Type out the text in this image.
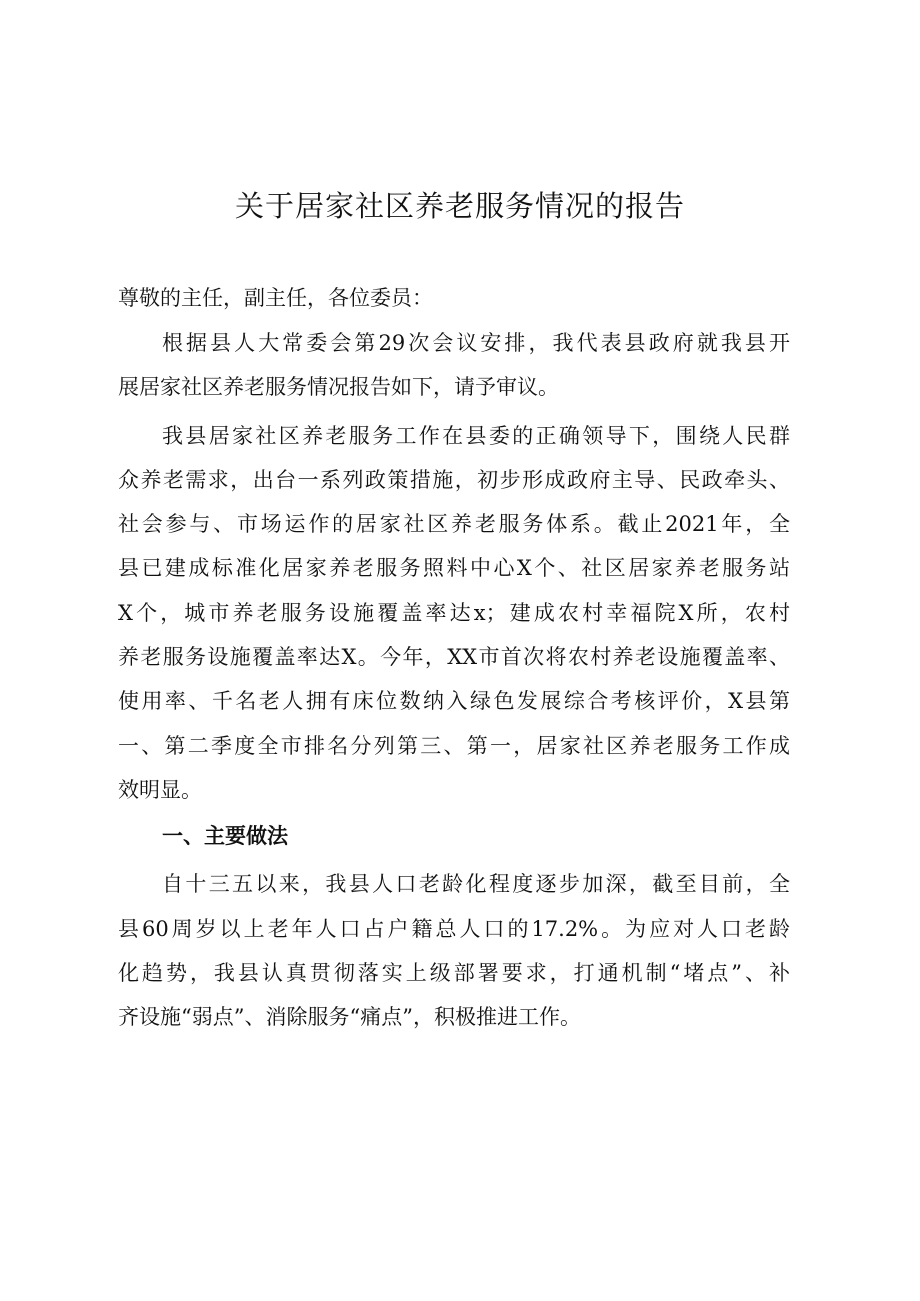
关于居家社区养老服务情况的报告
尊敬的主任，副主任，各位委员：
根据县人大常委会第29次会议安排，我代表县政府就我县开
展居家社区养老服务情况报告如下，请予审议。
我县居家社区养老服务工作在县委的正确领导下，围绕人民群
众养老需求，出台一系列政策措施，初步形成政府主导、民政牵头、
社会参与、市场运作的居家社区养老服务体系。截止2021年，全
县已建成标准化居家养老服务照料中心X个、社区居家养老服务站
X个，城市养老服务设施覆盖率达x；建成农村幸福院X所，农村
养老服务设施覆盖率达X。今年，XX市首次将农村养老设施覆盖率、
使用率、千名老人拥有床位数纳入绿色发展综合考核评价，X县第
一、第二季度全市排名分列第三、第一，居家社区养老服务工作成
效明显。
一、主要做法
自十三五以来，我县人口老龄化程度逐步加深，截至目前，全
县60周岁以上老年人口占户籍总人口的17.2%。为应对人口老龄
化趋势，我县认真贯彻落实上级部署要求，打通机制“堵点”、补
齐设施“弱点”、消除服务“痛点”，积极推进工作。
